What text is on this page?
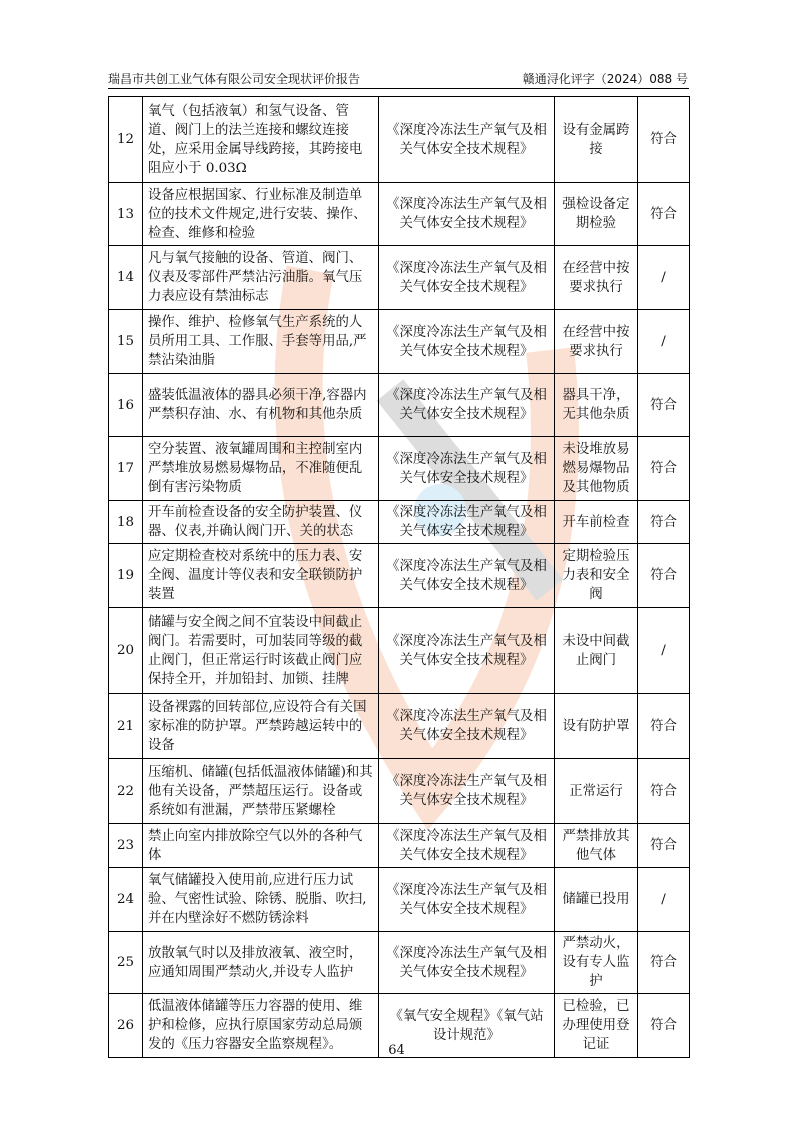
瑞昌市共创工业气体有限公司安全现状评价报告	赣通浔化评字（2024）088 号
12	氧气（包括液氧）和氢气设备、管道、阀门上的法兰连接和螺纹连接处，应采用金属导线跨接，其跨接电阻应小于 0.03Ω	《深度冷冻法生产氧气及相关气体安全技术规程》	设有金属跨接	符合
13	设备应根据国家、行业标准及制造单位的技术文件规定,进行安装、操作、检查、维修和检验	《深度冷冻法生产氧气及相关气体安全技术规程》	强检设备定期检验	符合
14	凡与氧气接触的设备、管道、阀门、仪表及零部件严禁沾污油脂。氧气压力表应设有禁油标志	《深度冷冻法生产氧气及相关气体安全技术规程》	在经营中按要求执行	/
15	操作、维护、检修氧气生产系统的人员所用工具、工作服、手套等用品,严禁沾染油脂	《深度冷冻法生产氧气及相关气体安全技术规程》	在经营中按要求执行	/
16	盛装低温液体的器具必须干净,容器内严禁积存油、水、有机物和其他杂质	《深度冷冻法生产氧气及相关气体安全技术规程》	器具干净，无其他杂质	符合
17	空分装置、液氧罐周围和主控制室内严禁堆放易燃易爆物品，不准随便乱倒有害污染物质	《深度冷冻法生产氧气及相关气体安全技术规程》	未设堆放易燃易爆物品及其他物质	符合
18	开车前检查设备的安全防护装置、仪器、仪表,并确认阀门开、关的状态	《深度冷冻法生产氧气及相关气体安全技术规程》	开车前检查	符合
19	应定期检查校对系统中的压力表、安全阀、温度计等仪表和安全联锁防护装置	《深度冷冻法生产氧气及相关气体安全技术规程》	定期检验压力表和安全阀	符合
20	储罐与安全阀之间不宜装设中间截止阀门。若需要时，可加装同等级的截止阀门，但正常运行时该截止阀门应保持全开，并加铅封、加锁、挂牌	《深度冷冻法生产氧气及相关气体安全技术规程》	未设中间截止阀门	/
21	设备裸露的回转部位,应设符合有关国家标准的防护罩。严禁跨越运转中的设备	《深度冷冻法生产氧气及相关气体安全技术规程》	设有防护罩	符合
22	压缩机、储罐(包括低温液体储罐)和其他有关设备，严禁超压运行。设备或系统如有泄漏，严禁带压紧螺栓	《深度冷冻法生产氧气及相关气体安全技术规程》	正常运行	符合
23	禁止向室内排放除空气以外的各种气体	《深度冷冻法生产氧气及相关气体安全技术规程》	严禁排放其他气体	符合
24	氧气储罐投入使用前,应进行压力试验、气密性试验、除锈、脱脂、吹扫,并在内壁涂好不燃防锈涂料	《深度冷冻法生产氧气及相关气体安全技术规程》	储罐已投用	/
25	放散氧气时以及排放液氧、液空时，应通知周围严禁动火,并设专人监护	《深度冷冻法生产氧气及相关气体安全技术规程》	严禁动火，设有专人监护	符合
26	低温液体储罐等压力容器的使用、维护和检修，应执行原国家劳动总局颁发的《压力容器安全监察规程》。	《氧气安全规程》《氧气站设计规范》	已检验，已办理使用登记证	符合
64
